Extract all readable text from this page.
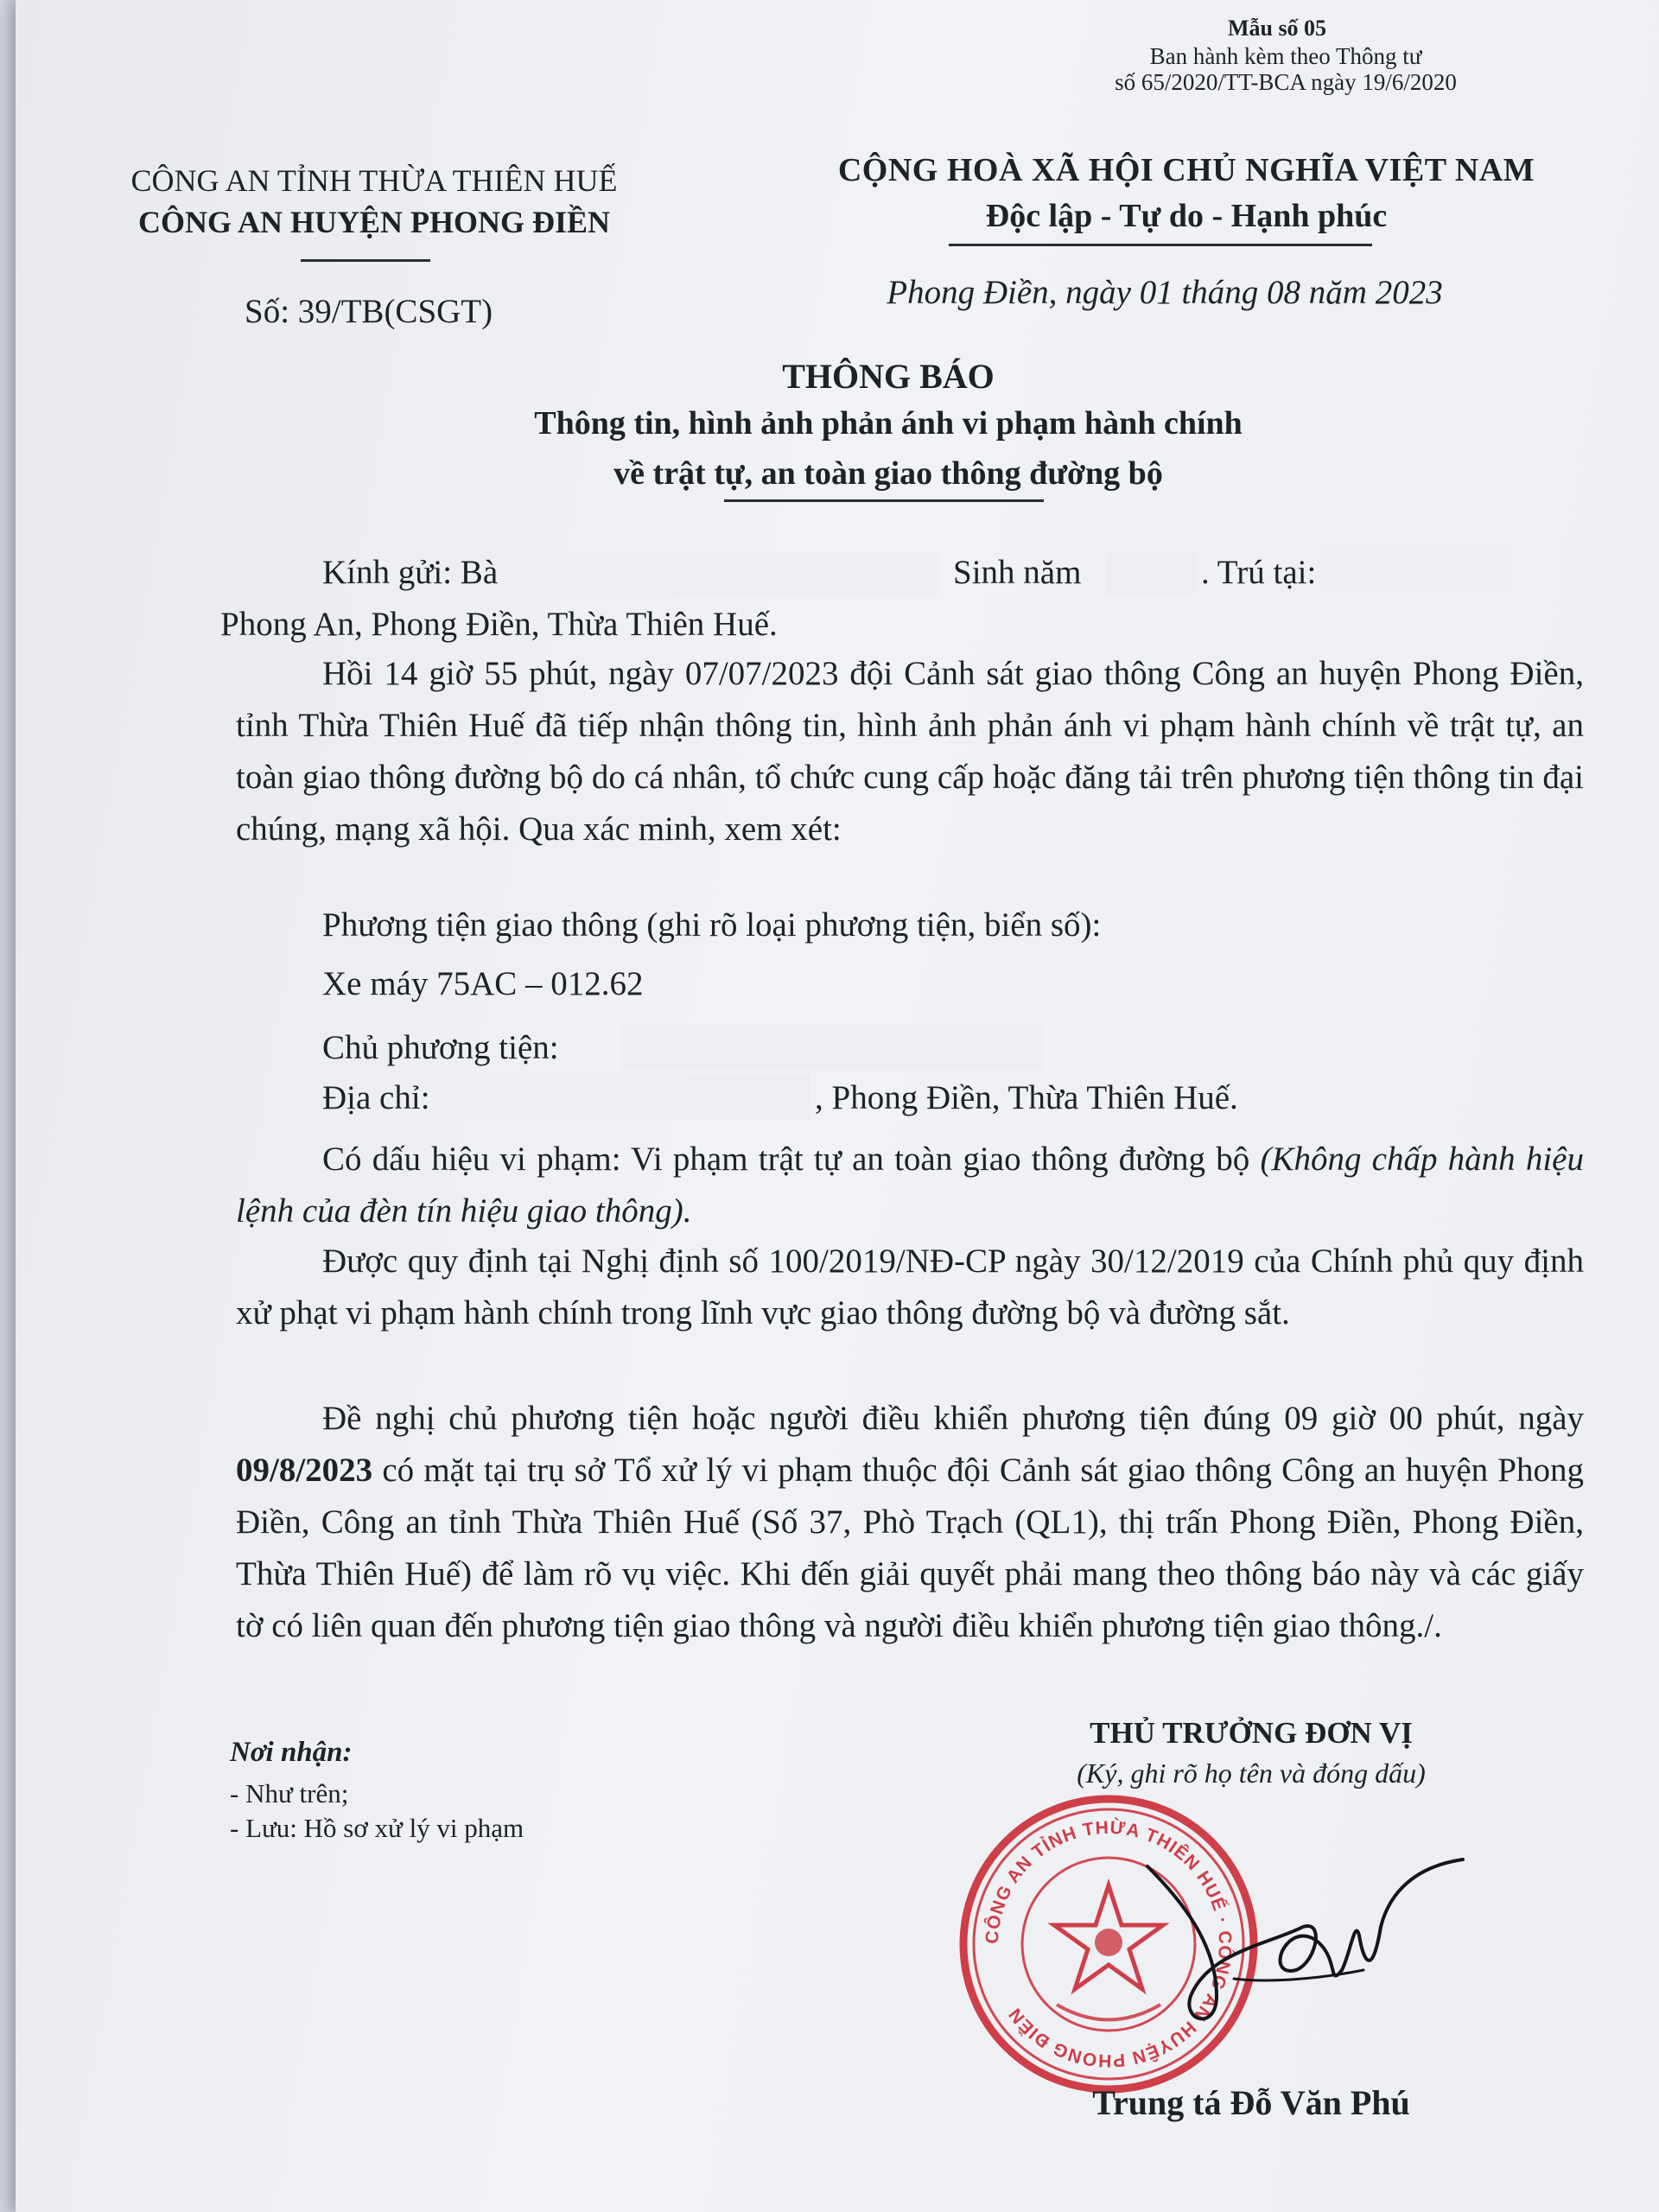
Mẫu số 05
Ban hành kèm theo Thông tư
số 65/2020/TT-BCA ngày 19/6/2020
CÔNG AN TỈNH THỪA THIÊN HUẾ
CÔNG AN HUYỆN PHONG ĐIỀN
Số: 39/TB(CSGT)
CỘNG HOÀ XÃ HỘI CHỦ NGHĨA VIỆT NAM
Độc lập - Tự do - Hạnh phúc
Phong Điền, ngày 01 tháng 08 năm 2023
THÔNG BÁO
Thông tin, hình ảnh phản ánh vi phạm hành chính
về trật tự, an toàn giao thông đường bộ
Kính gửi: Bà	Sinh năm	. Trú tại:
Phong An, Phong Điền, Thừa Thiên Huế.
Hồi 14 giờ 55 phút, ngày 07/07/2023 đội Cảnh sát giao thông Công an huyện Phong Điền, tỉnh Thừa Thiên Huế đã tiếp nhận thông tin, hình ảnh phản ánh vi phạm hành chính về trật tự, an toàn giao thông đường bộ do cá nhân, tổ chức cung cấp hoặc đăng tải trên phương tiện thông tin đại chúng, mạng xã hội. Qua xác minh, xem xét:
Phương tiện giao thông (ghi rõ loại phương tiện, biển số):
Xe máy 75AC – 012.62
Chủ phương tiện:
Địa chỉ:	, Phong Điền, Thừa Thiên Huế.
Có dấu hiệu vi phạm: Vi phạm trật tự an toàn giao thông đường bộ (Không chấp hành hiệu lệnh của đèn tín hiệu giao thông).
Được quy định tại Nghị định số 100/2019/NĐ-CP ngày 30/12/2019 của Chính phủ quy định xử phạt vi phạm hành chính trong lĩnh vực giao thông đường bộ và đường sắt.
Đề nghị chủ phương tiện hoặc người điều khiển phương tiện đúng 09 giờ 00 phút, ngày 09/8/2023 có mặt tại trụ sở Tổ xử lý vi phạm thuộc đội Cảnh sát giao thông Công an huyện Phong Điền, Công an tỉnh Thừa Thiên Huế (Số 37, Phò Trạch (QL1), thị trấn Phong Điền, Phong Điền, Thừa Thiên Huế) để làm rõ vụ việc. Khi đến giải quyết phải mang theo thông báo này và các giấy tờ có liên quan đến phương tiện giao thông và người điều khiển phương tiện giao thông./.
Nơi nhận:
- Như trên;
- Lưu: Hồ sơ xử lý vi phạm
THỦ TRƯỞNG ĐƠN VỊ
(Ký, ghi rõ họ tên và đóng dấu)
CÔNG AN TỈNH THỪA THIÊN HUẾ · CÔNG AN HUYỆN PHONG ĐIỀN
Trung tá Đỗ Văn Phú
